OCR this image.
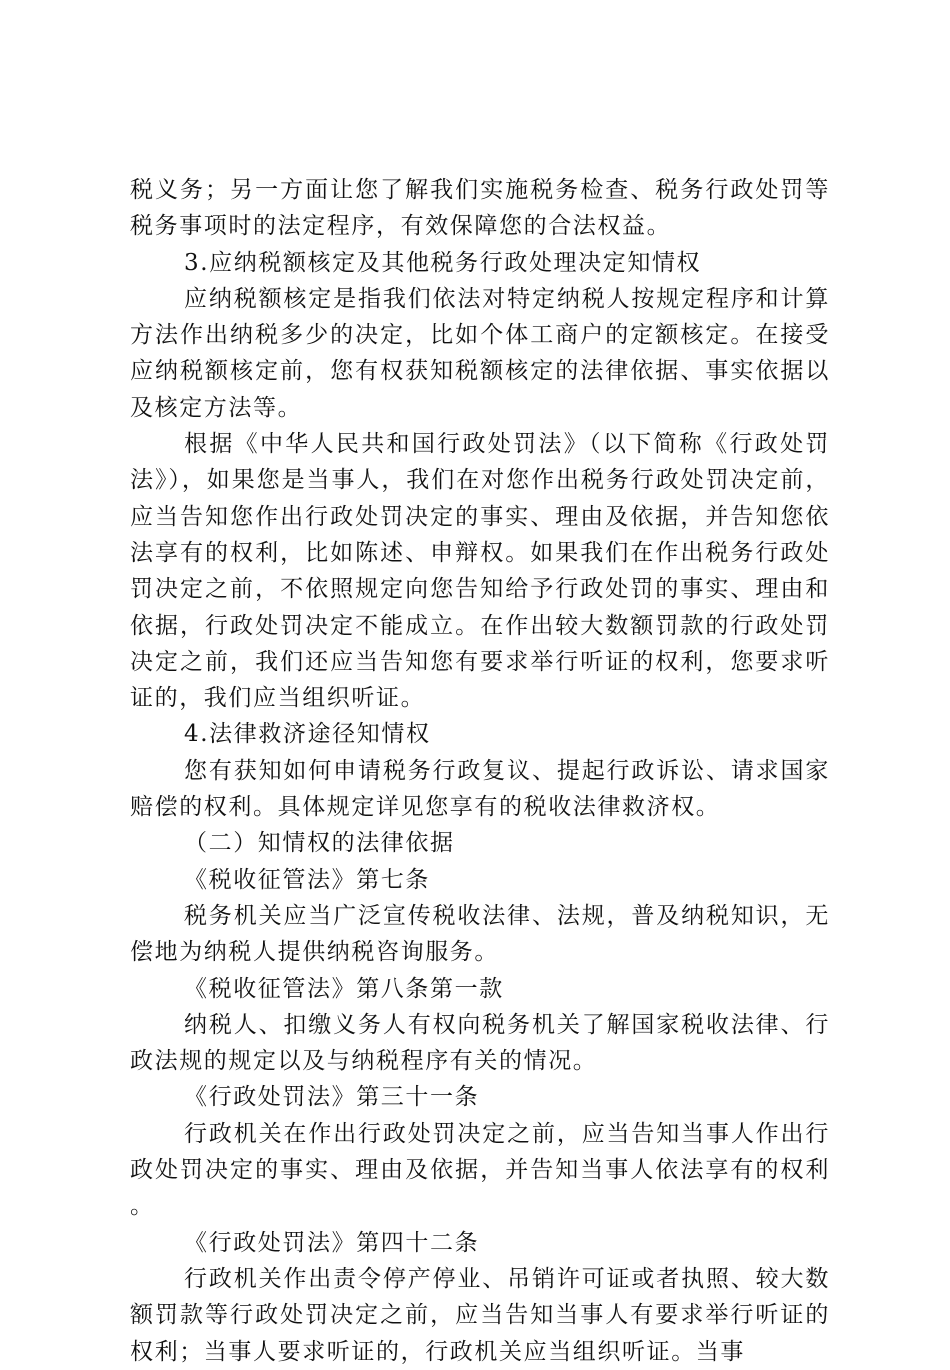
税义务；另一方面让您了解我们实施税务检查、税务行政处罚等税务事项时的法定程序，有效保障您的合法权益。

3.应纳税额核定及其他税务行政处理决定知情权

应纳税额核定是指我们依法对特定纳税人按规定程序和计算方法作出纳税多少的决定，比如个体工商户的定额核定。在接受应纳税额核定前，您有权获知税额核定的法律依据、事实依据以及核定方法等。

根据《中华人民共和国行政处罚法》（以下简称《行政处罚法》），如果您是当事人，我们在对您作出税务行政处罚决定前，应当告知您作出行政处罚决定的事实、理由及依据，并告知您依法享有的权利，比如陈述、申辩权。如果我们在作出税务行政处罚决定之前，不依照规定向您告知给予行政处罚的事实、理由和依据，行政处罚决定不能成立。在作出较大数额罚款的行政处罚决定之前，我们还应当告知您有要求举行听证的权利，您要求听证的，我们应当组织听证。

4.法律救济途径知情权

您有获知如何申请税务行政复议、提起行政诉讼、请求国家赔偿的权利。具体规定详见您享有的税收法律救济权。

（二）知情权的法律依据

《税收征管法》第七条

税务机关应当广泛宣传税收法律、法规，普及纳税知识，无偿地为纳税人提供纳税咨询服务。

《税收征管法》第八条第一款

纳税人、扣缴义务人有权向税务机关了解国家税收法律、行政法规的规定以及与纳税程序有关的情况。

《行政处罚法》第三十一条

行政机关在作出行政处罚决定之前，应当告知当事人作出行政处罚决定的事实、理由及依据，并告知当事人依法享有的权利。

《行政处罚法》第四十二条

行政机关作出责令停产停业、吊销许可证或者执照、较大数额罚款等行政处罚决定之前，应当告知当事人有要求举行听证的权利；当事人要求听证的，行政机关应当组织听证。当事
